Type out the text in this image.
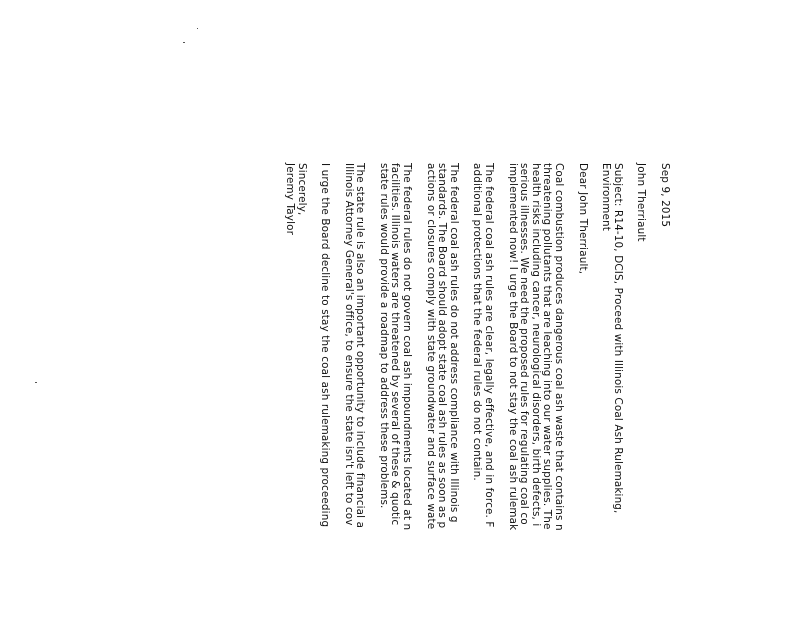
Sep 9, 2015
John Therriault
Subject: R14-10, DCIS, Proceed with Illinois Coal Ash Rulemaking,
Environment
Dear John Therriault,
Coal combustion produces dangerous coal ash waste that contains n
threatening pollutants that are leaching into our water supplies. The
health risks including cancer, neurological disorders, birth defects, i
serious illnesses. We need the proposed rules for regulating coal co
implemented now! I urge the Board to not stay the coal ash rulemak
The federal coal ash rules are clear, legally effective, and in force. F
additional protections that the federal rules do not contain.
The federal coal ash rules do not address compliance with Illinois g
standards. The Board should adopt state coal ash rules as soon as p
actions or closures comply with state groundwater and surface wate
The federal rules do not govern coal ash impoundments located at n
facilities. Illinois waters are threatened by several of these & quotic
state rules would provide a roadmap to address these problems.
The state rule is also an important opportunity to include financial a
Illinois Attorney General's office, to ensure the state isn't left to cov
I urge the Board decline to stay the coal ash rulemaking proceeding
Sincerely,
Jeremy Taylor
